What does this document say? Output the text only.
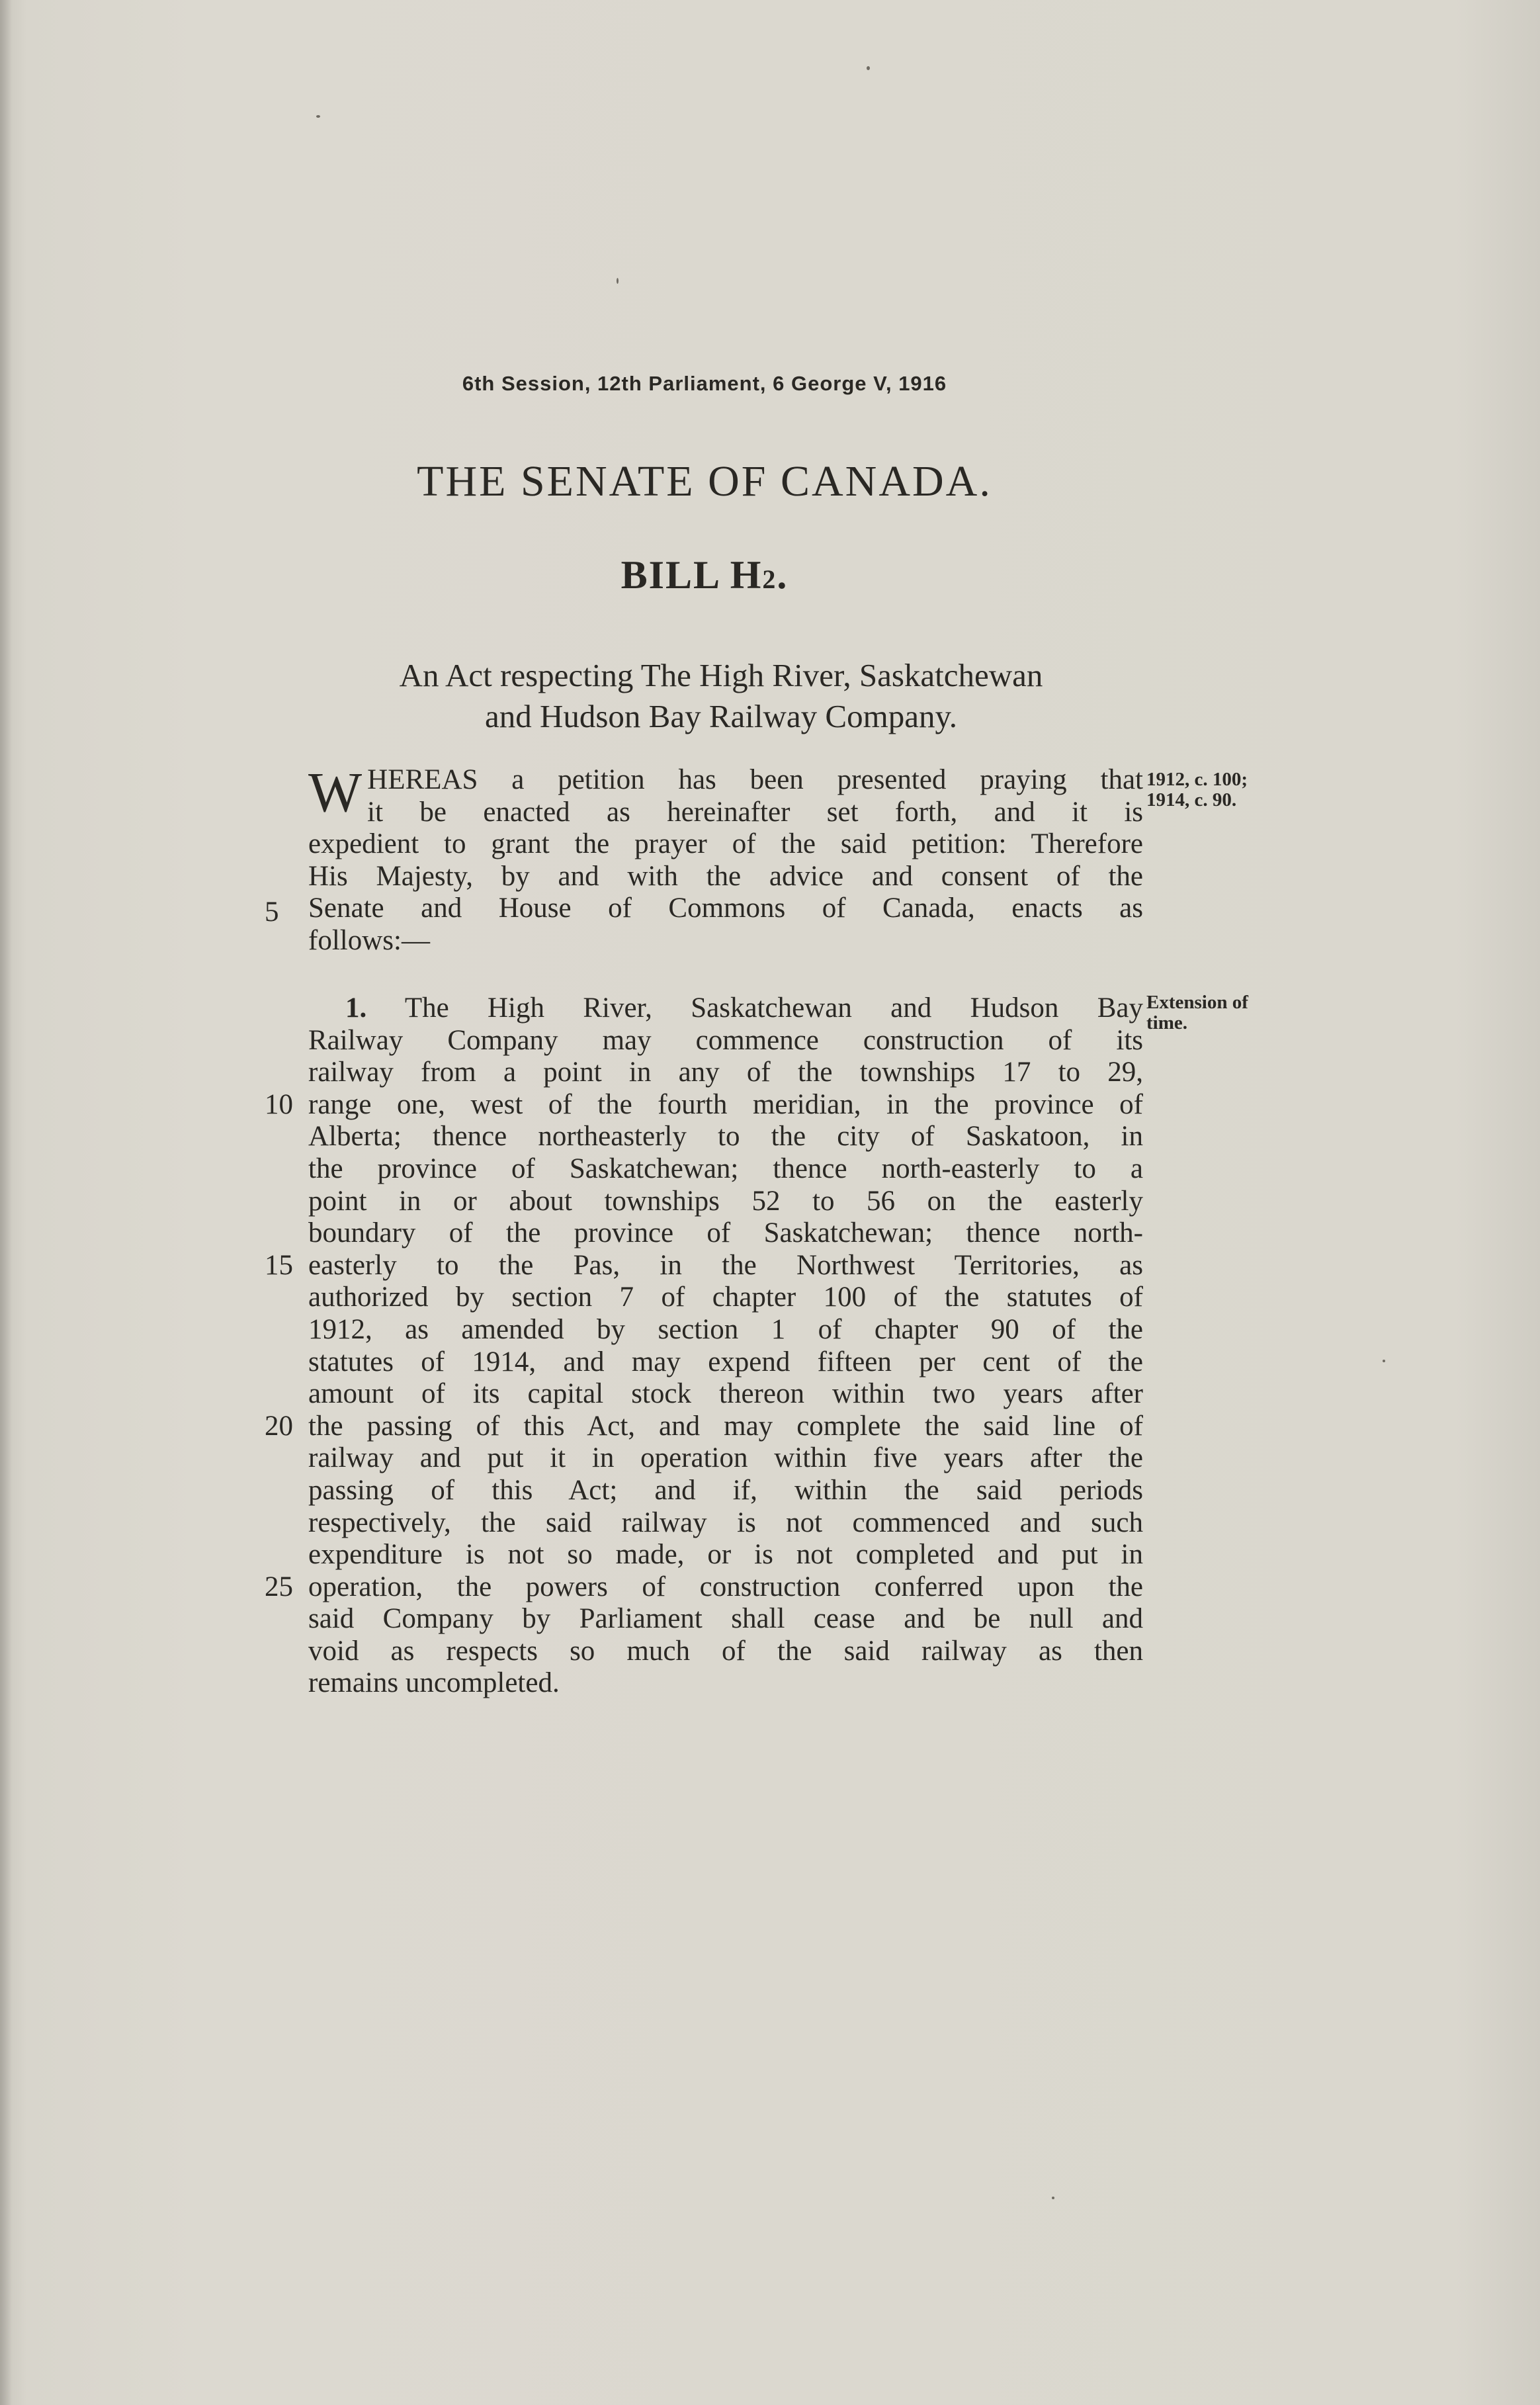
6th Session, 12th Parliament, 6 George V, 1916
THE SENATE OF CANADA.
BILL H2.
An Act respecting The High River, Saskatchewan
and Hudson Bay Railway Company.
W HEREAS a petition has been presented praying that
it be enacted as hereinafter set forth, and it is
expedient to grant the prayer of the said petition: Therefore
His Majesty, by and with the advice and consent of the
Senate and House of Commons of Canada, enacts as
follows:—
1912, c. 100;
1914, c. 90.
1. The High River, Saskatchewan and Hudson Bay
Railway Company may commence construction of its
railway from a point in any of the townships 17 to 29,
range one, west of the fourth meridian, in the province of
Alberta; thence northeasterly to the city of Saskatoon, in
the province of Saskatchewan; thence north-easterly to a
point in or about townships 52 to 56 on the easterly
boundary of the province of Saskatchewan; thence north-
easterly to the Pas, in the Northwest Territories, as
authorized by section 7 of chapter 100 of the statutes of
1912, as amended by section 1 of chapter 90 of the
statutes of 1914, and may expend fifteen per cent of the
amount of its capital stock thereon within two years after
the passing of this Act, and may complete the said line of
railway and put it in operation within five years after the
passing of this Act; and if, within the said periods
respectively, the said railway is not commenced and such
expenditure is not so made, or is not completed and put in
operation, the powers of construction conferred upon the
said Company by Parliament shall cease and be null and
void as respects so much of the said railway as then
remains uncompleted.
Extension of
time.
5
10
15
20
25
